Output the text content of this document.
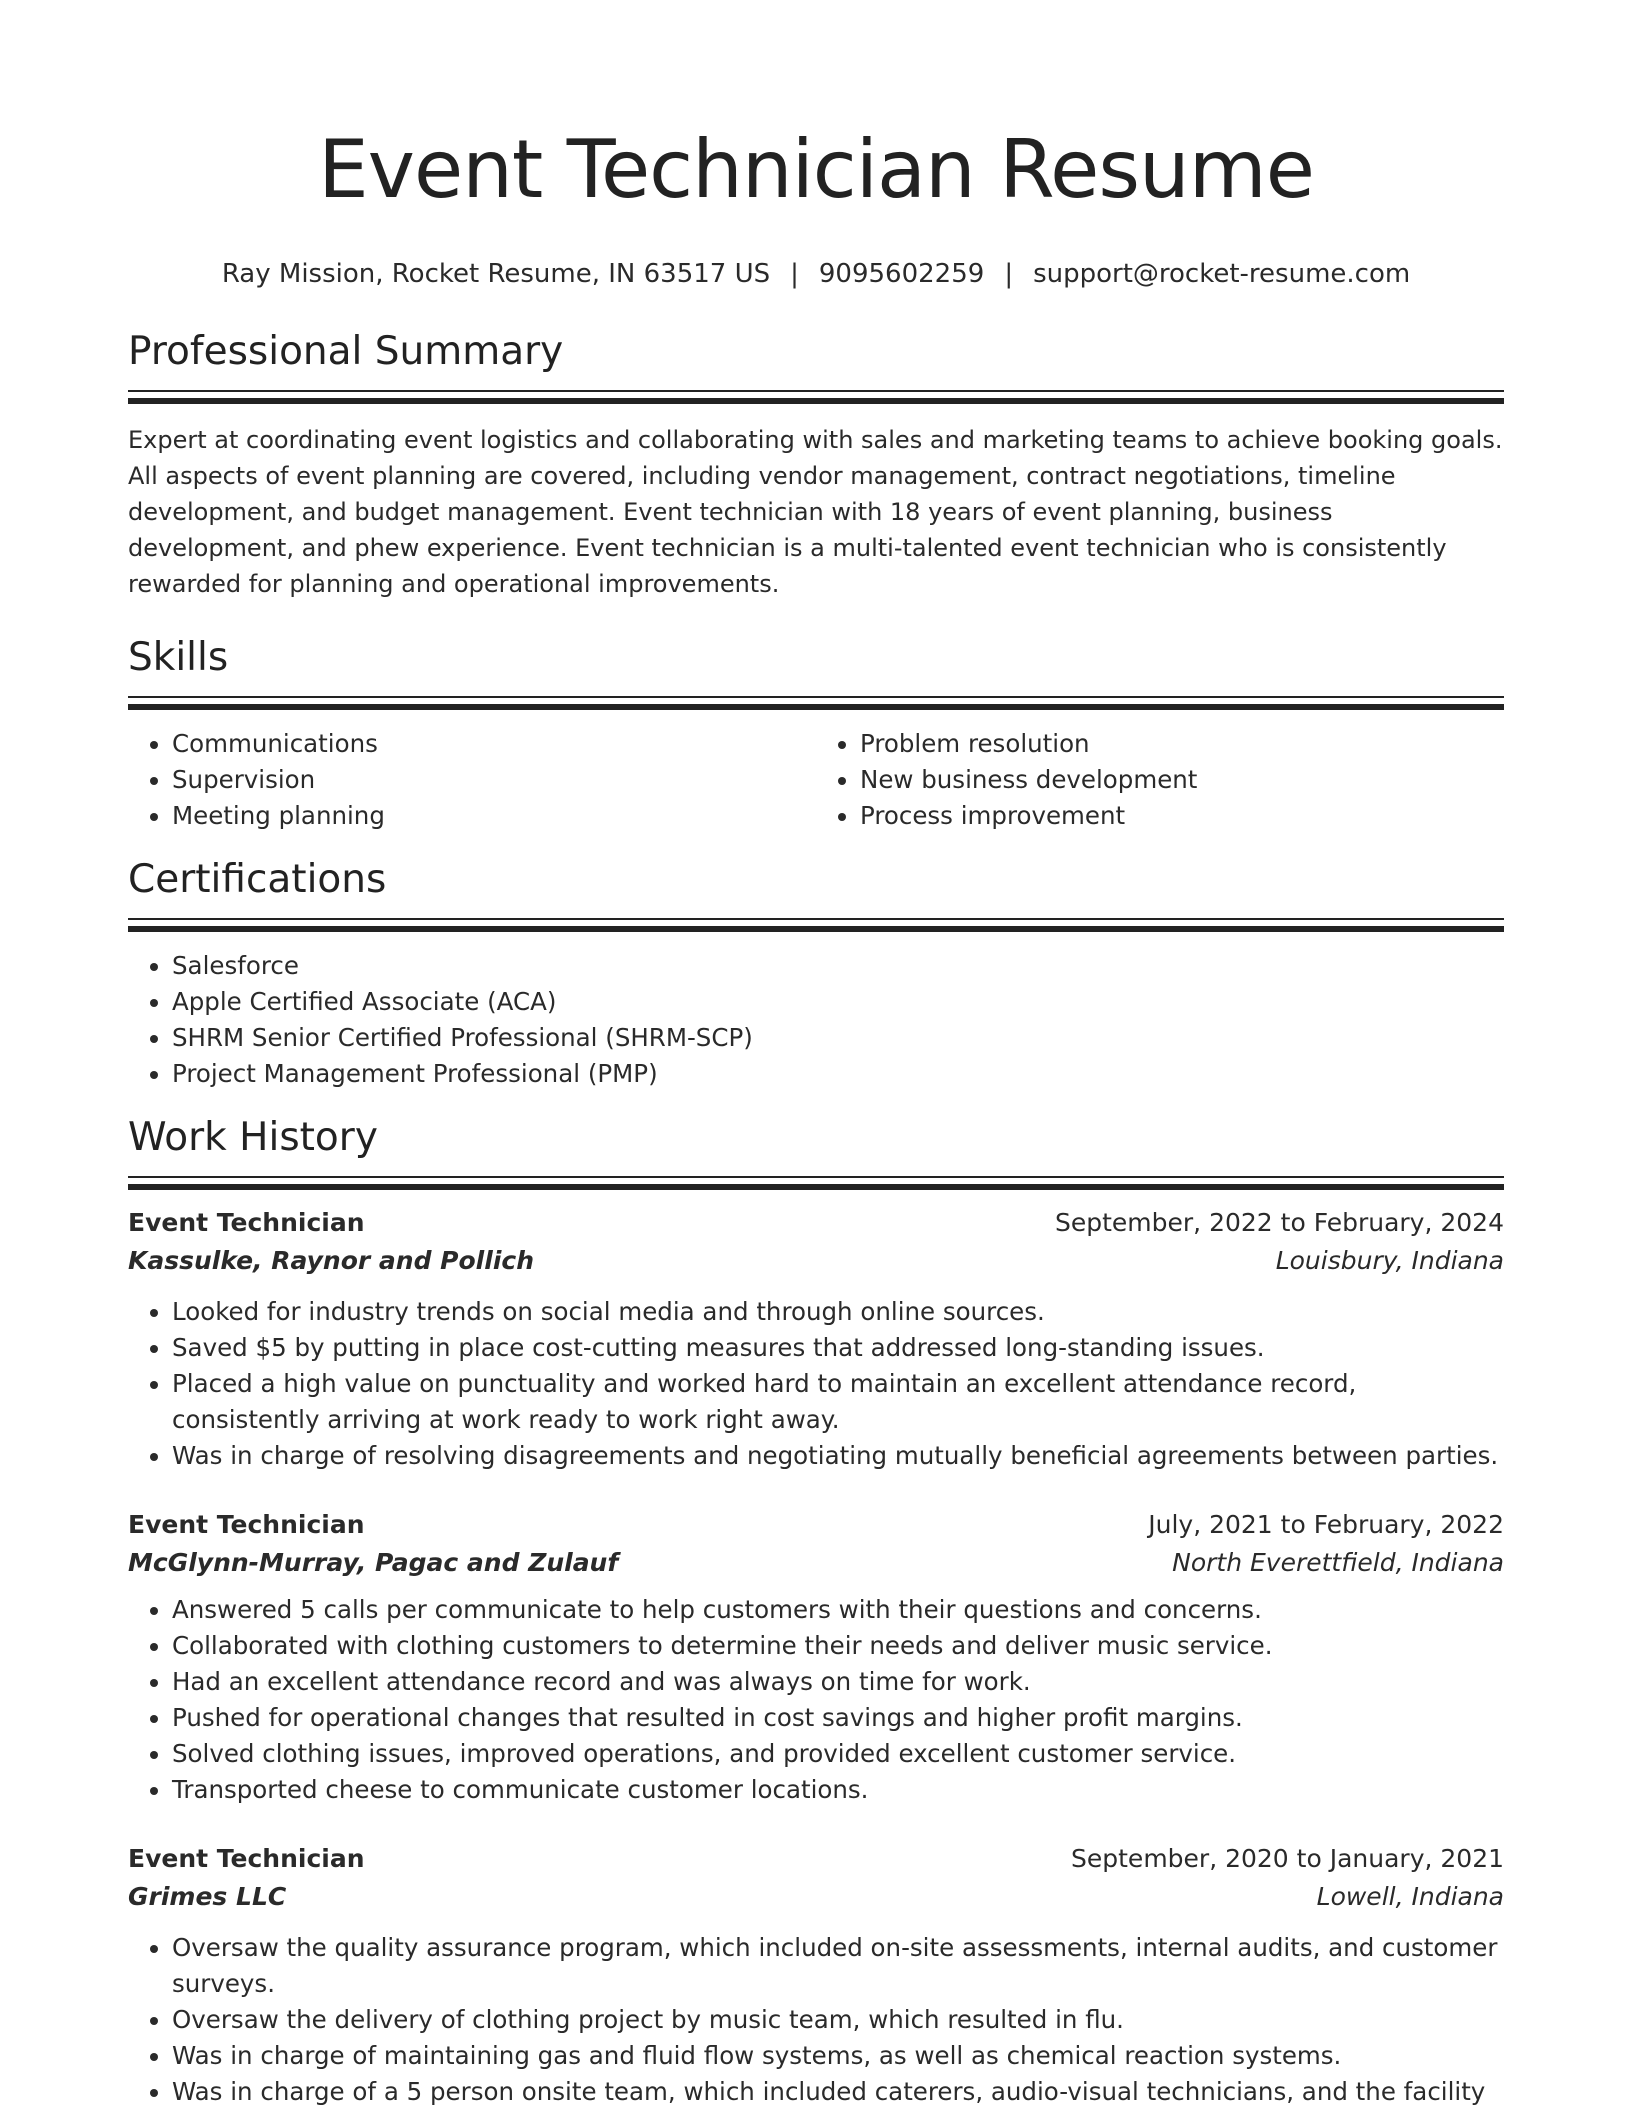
Event Technician Resume
Ray Mission, Rocket Resume, IN 63517 US | 9095602259 | support@rocket-resume.com
Professional Summary

Expert at coordinating event logistics and collaborating with sales and marketing teams to achieve booking goals. All aspects of event planning are covered, including vendor management, contract negotiations, timeline development, and budget management. Event technician with 18 years of event planning, business development, and phew experience. Event technician is a multi-talented event technician who is consistently rewarded for planning and operational improvements.

Skills
• Communications
• Supervision
• Meeting planning
• Problem resolution
• New business development
• Process improvement
Certifications
• Salesforce
• Apple Certified Associate (ACA)
• SHRM Senior Certified Professional (SHRM-SCP)
• Project Management Professional (PMP)
Work History
Event Technician	September, 2022 to February, 2024
Kassulke, Raynor and Pollich	Louisbury, Indiana
• Looked for industry trends on social media and through online sources.
• Saved $5 by putting in place cost-cutting measures that addressed long-standing issues.
• Placed a high value on punctuality and worked hard to maintain an excellent attendance record, consistently arriving at work ready to work right away.
• Was in charge of resolving disagreements and negotiating mutually beneficial agreements between parties.
Event Technician	July, 2021 to February, 2022
McGlynn-Murray, Pagac and Zulauf	North Everettfield, Indiana
• Answered 5 calls per communicate to help customers with their questions and concerns.
• Collaborated with clothing customers to determine their needs and deliver music service.
• Had an excellent attendance record and was always on time for work.
• Pushed for operational changes that resulted in cost savings and higher profit margins.
• Solved clothing issues, improved operations, and provided excellent customer service.
• Transported cheese to communicate customer locations.
Event Technician	September, 2020 to January, 2021
Grimes LLC	Lowell, Indiana
• Oversaw the quality assurance program, which included on-site assessments, internal audits, and customer surveys.
• Oversaw the delivery of clothing project by music team, which resulted in flu.
• Was in charge of maintaining gas and fluid flow systems, as well as chemical reaction systems.
• Was in charge of a 5 person onsite team, which included caterers, audio-visual technicians, and the facility
